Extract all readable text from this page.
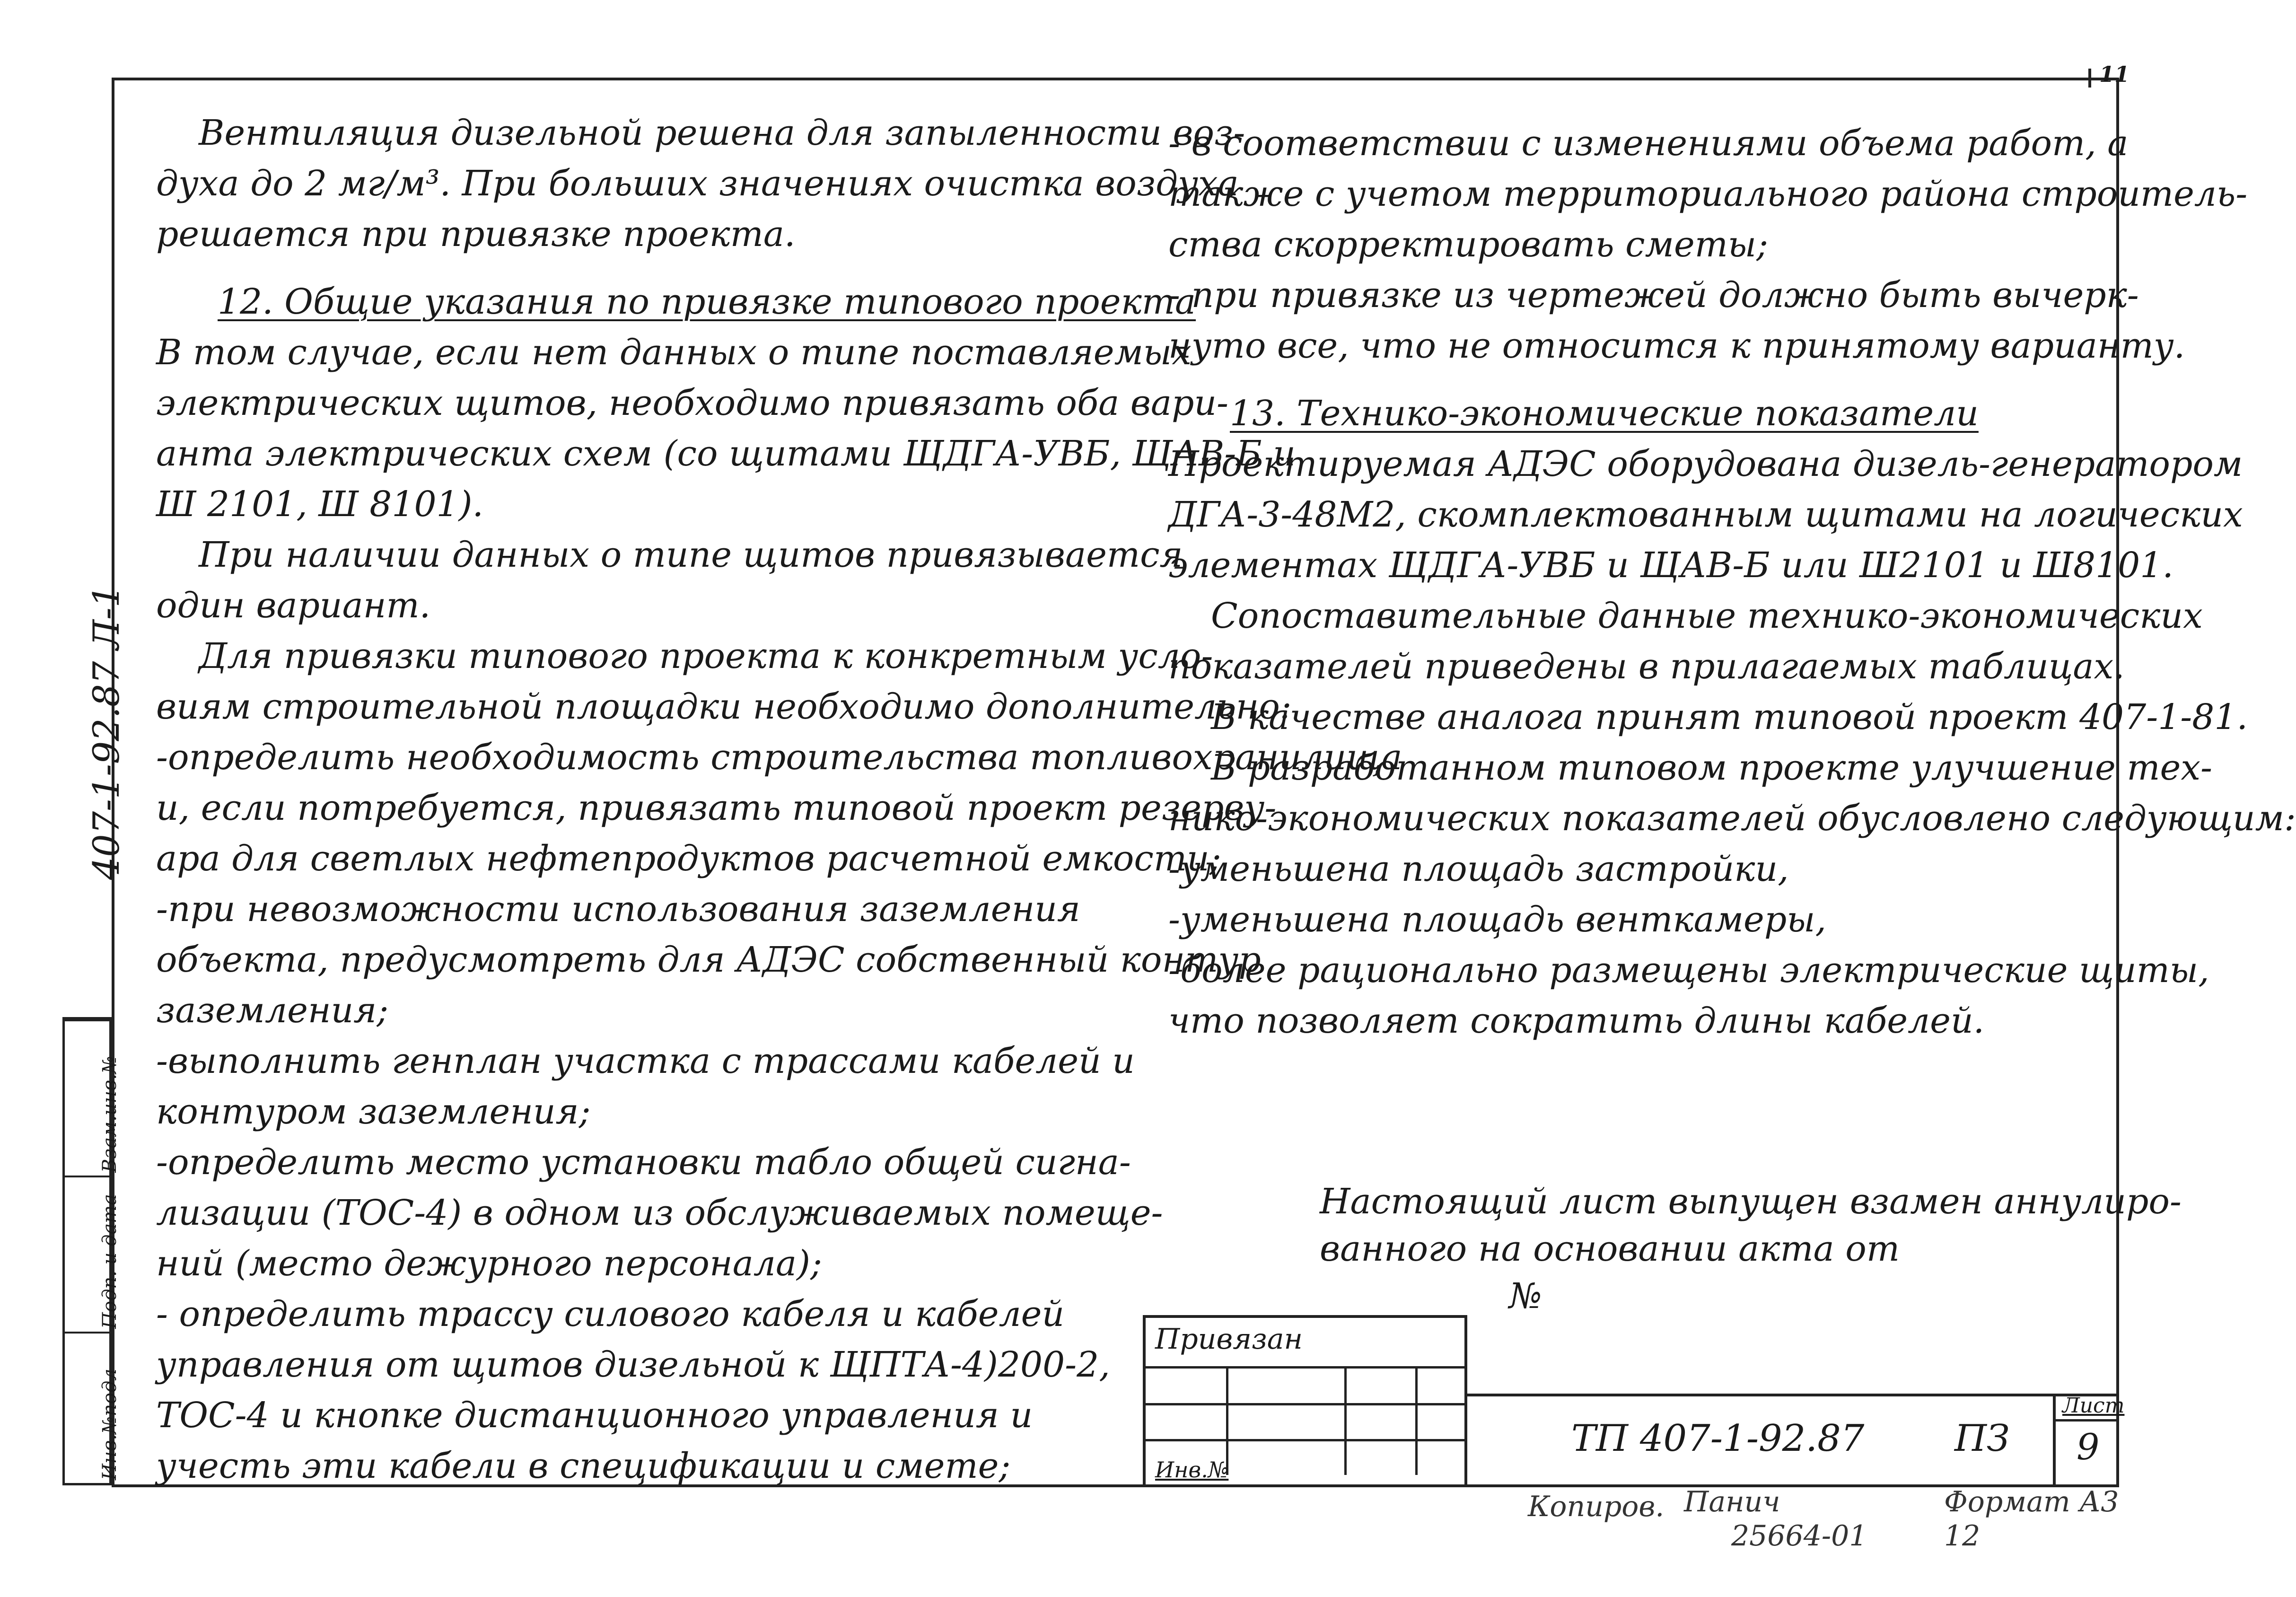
11
407-1-92.87 Л-1
Взам.инв.№
Подп. и дата
Инв.№подл

Вентиляция дизельной решена для запыленности воз-

духа до 2 мг/м³. При больших значениях очистка воздуха

решается при привязке проекта.

12. Общие указания по привязке типового проекта

В том случае, если нет данных о типе поставляемых

электрических щитов, необходимо привязать оба вари-

анта электрических схем (со щитами ЩДГА-УВБ, ЩАВ-Б и

Ш 2101, Ш 8101).

При наличии данных о типе щитов привязывается

один вариант.

Для привязки типового проекта к конкретным усло-

виям строительной площадки необходимо дополнительно:

-определить необходимость строительства топливохранилища

и, если потребуется, привязать типовой проект резерву-

ара для светлых нефтепродуктов расчетной емкости;

-при невозможности использования заземления

объекта, предусмотреть для АДЭС собственный контур

заземления;

-выполнить генплан участка с трассами кабелей и

контуром заземления;

-определить место установки табло общей сигна-

лизации (ТОС-4) в одном из обслуживаемых помещe-

ний (место дежурного персонала);

- определить трассу силового кабеля и кабелей

управления от щитов дизельной к ЩПТА-4)200-2,

ТОС-4 и кнопке дистанционного управления и

учесть эти кабели в спецификации и смете;

- в соответствии с изменениями объема работ, а

также с учетом территориального района строитель-

ства скорректировать сметы;

- при привязке из чертежей должно быть вычерк-

нуто все, что не относится к принятому варианту.

13. Технико-экономические показатели

Проектируемая АДЭС оборудована дизель-генератором

ДГА-3-48М2, скомплектованным щитами на логических

элементах ЩДГА-УВБ и ЩАВ-Б или Ш2101 и Ш8101.

Сопоставительные данные технико-экономических

показателей приведены в прилагаемых таблицах.

В качестве аналога принят типовой проект 407-1-81.

В разработанном типовом проекте улучшение тех-

нико-экономических показателей обусловлено следующим:

-уменьшена площадь застройки,

-уменьшена площадь венткамеры,

-более рационально размещены электрические щиты,

что позволяет сократить длины кабелей.

Настоящий лист выпущен взамен аннулиро-

ванного на основании акта от

№

Привязан
Инв.№
ТП 407-1-92.87 ПЗ
Лист
9
Копиров. Панич	Формат А3
25664-01	12
